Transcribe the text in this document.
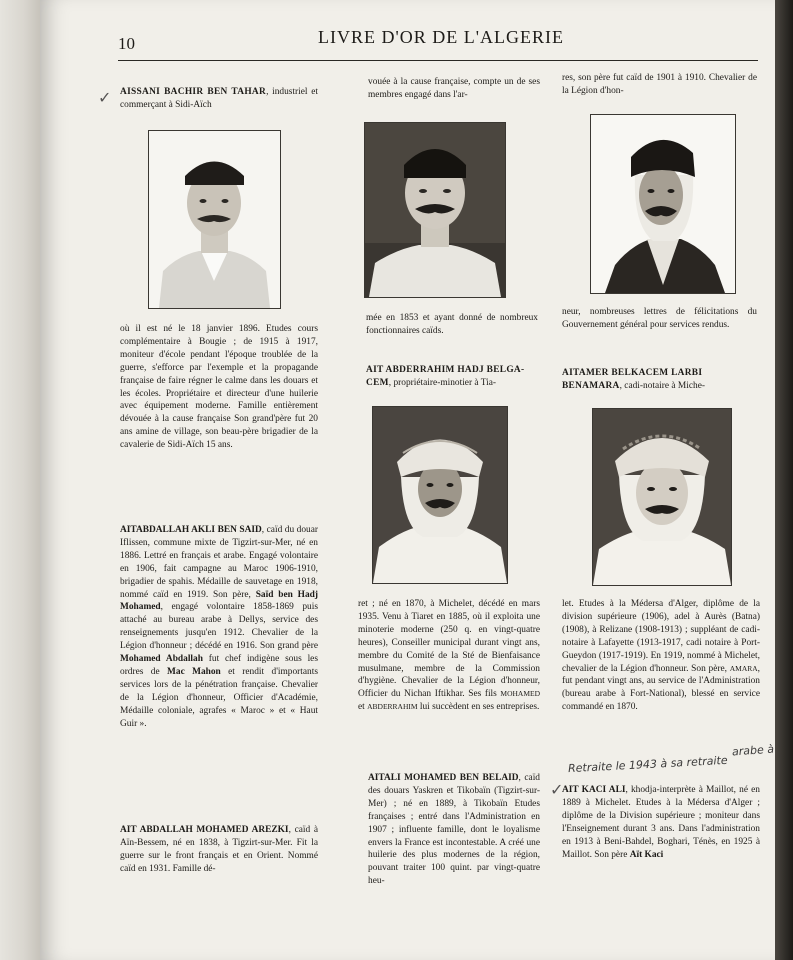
10	LIVRE D'OR DE L'ALGERIE

AISSANI BACHIR BEN TAHAR, industriel et commerçant à Sidi-Aïch

où il est né le 18 janvier 1896. Etudes cours complémentaire à Bougie ; de 1915 à 1917, moniteur d'école pendant l'époque troublée de la guerre, s'efforce par l'exemple et la propagande française de faire régner le calme dans les douars et les écoles. Propriétaire et directeur d'une huilerie avec équipement moderne. Famille entièrement dévouée à la cause française Son grand'père fut 20 ans amine de village, son beau-père brigadier de la cavalerie de Sidi-Aïch 15 ans.

AITABDALLAH AKLI BEN SAID, caïd du douar Iflissen, commune mixte de Tigzirt-sur-Mer, né en 1886. Lettré en français et arabe. Engagé volontaire en 1906, fait campagne au Maroc 1906-1910, brigadier de spahis. Médaille de sauvetage en 1918, nommé caïd en 1919. Son père, Saïd ben Hadj Mohamed, engagé volontaire 1858-1869 puis attaché au bureau arabe à Dellys, service des renseignements jusqu'en 1912. Chevalier de la Légion d'honneur ; décédé en 1916. Son grand père Mohamed Abdallah fut chef indigène sous les ordres de Mac Mahon et rendit d'importants services lors de la pénétration française. Chevalier de la Légion d'honneur, Officier d'Académie, Médaille coloniale, agrafes « Maroc » et « Haut Guir ».

AIT ABDALLAH MOHAMED AREZKI, caïd à Aïn-Bessem, né en 1838, à Tigzirt-sur-Mer. Fit la guerre sur le front français et en Orient. Nommé caïd en 1931. Famille dé-

vouée à la cause française, compte un de ses membres engagé dans l'ar-

mée en 1853 et ayant donné de nombreux fonctionnaires caïds.

AIT ABDERRAHIM HADJ BELGA-
CEM, propriétaire-minotier à Tia-

ret ; né en 1870, à Michelet, décédé en mars 1935. Venu à Tiaret en 1885, où il exploita une minoterie moderne (250 q. en vingt-quatre heures), Conseiller municipal durant vingt ans, membre du Comité de la Sté de Bienfaisance musulmane, membre de la Commission d'hygiène. Chevalier de la Légion d'honneur, Officier du Nichan Iftikhar. Ses fils MOHAMED et ABDERRAHIM lui succèdent en ses entreprises.

AITALI MOHAMED BEN BELAID, caïd des douars Yaskren et Tikobaïn (Tigzirt-sur-Mer) ; né en 1889, à Tikobaïn Etudes françaises ; entré dans l'Administration en 1907 ; influente famille, dont le loyalisme envers la France est incontestable. A créé une huilerie des plus modernes de la région, pouvant traiter 100 quint. par vingt-quatre heu-

res, son père fut caïd de 1901 à 1910. Chevalier de la Légion d'hon-

neur, nombreuses lettres de félicitations du Gouvernement général pour services rendus.

AITAMER BELKACEM LARBI
BENAMARA, cadi-notaire à Miche-

let. Etudes à la Médersa d'Alger, diplôme de la division supérieure (1906), adel à Aurès (Batna) (1908), à Relizane (1908-1913) ; suppléant de cadi-notaire à Lafayette (1913-1917, cadi notaire à Port-Gueydon (1917-1919). En 1919, nommé à Michelet, chevalier de la Légion d'honneur. Son père, AMARA, fut pendant vingt ans, au service de l'Administration (bureau arabe à Fort-National), blessé en service commandé en 1870.

AIT KACI ALI, khodja-interprète à Maillot, né en 1889 à Michelet. Etudes à la Médersa d'Alger ; diplôme de la Division supérieure ; moniteur dans l'Enseignement durant 3 ans. Dans l'administration en 1913 à Beni-Bahdel, Boghari, Ténès, en 1925 à Maillot. Son père Aït Kaci

arabe à
Retraite le 1943 à sa retraite
✓
✓
